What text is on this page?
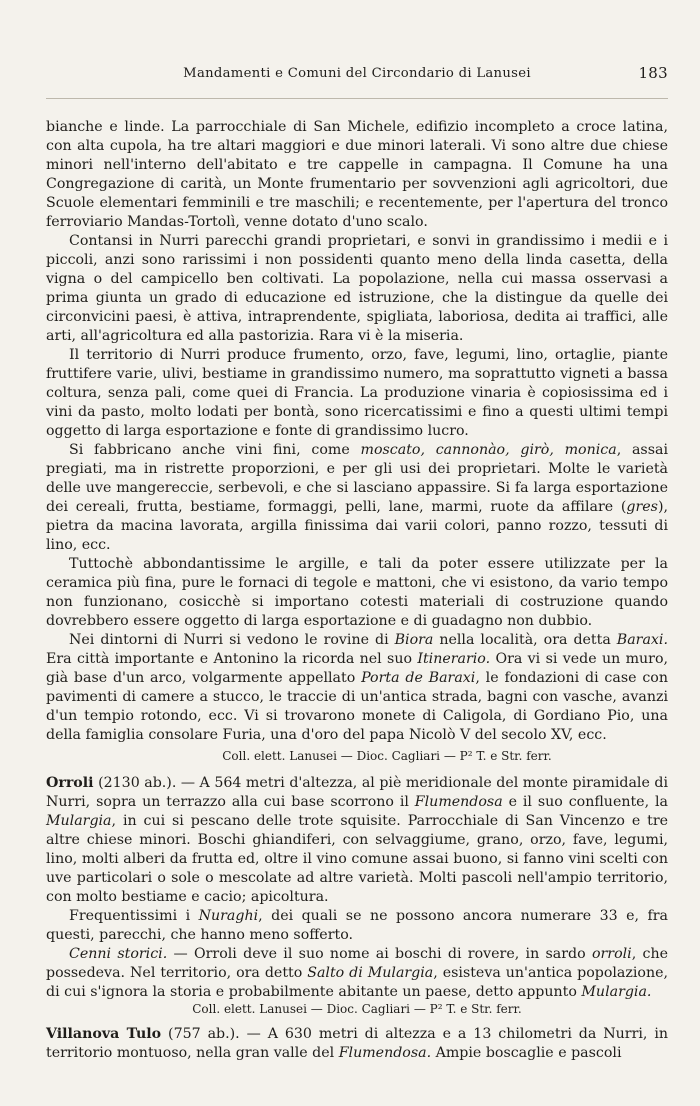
Mandamenti e Comuni del Circondario di Lanusei	183

bianche e linde. La parrocchiale di San Michele, edifizio incompleto a croce latina, con alta cupola, ha tre altari maggiori e due minori laterali. Vi sono altre due chiese minori nell'interno dell'abitato e tre cappelle in campagna. Il Comune ha una Congregazione di carità, un Monte frumentario per sovvenzioni agli agricoltori, due Scuole elementari femminili e tre maschili; e recentemente, per l'apertura del tronco ferroviario Mandas-Tortolì, venne dotato d'uno scalo.

Contansi in Nurri parecchi grandi proprietari, e sonvi in grandissimo i medii e i piccoli, anzi sono rarissimi i non possidenti quanto meno della linda casetta, della vigna o del campicello ben coltivati. La popolazione, nella cui massa osservasi a prima giunta un grado di educazione ed istruzione, che la distingue da quelle dei circonvicini paesi, è attiva, intraprendente, spigliata, laboriosa, dedita ai traffici, alle arti, all'agricoltura ed alla pastorizia. Rara vi è la miseria.

Il territorio di Nurri produce frumento, orzo, fave, legumi, lino, ortaglie, piante fruttifere varie, ulivi, bestiame in grandissimo numero, ma soprattutto vigneti a bassa coltura, senza pali, come quei di Francia. La produzione vinaria è copiosissima ed i vini da pasto, molto lodati per bontà, sono ricercatissimi e fino a questi ultimi tempi oggetto di larga esportazione e fonte di grandissimo lucro.

Si fabbricano anche vini fini, come moscato, cannonào, girò, monica, assai pregiati, ma in ristrette proporzioni, e per gli usi dei proprietari. Molte le varietà delle uve mangereccie, serbevoli, e che si lasciano appassire. Si fa larga esportazione dei cereali, frutta, bestiame, formaggi, pelli, lane, marmi, ruote da affilare (gres), pietra da macina lavorata, argilla finissima dai varii colori, panno rozzo, tessuti di lino, ecc.

Tuttochè abbondantissime le argille, e tali da poter essere utilizzate per la ceramica più fina, pure le fornaci di tegole e mattoni, che vi esistono, da vario tempo non funzionano, cosicchè si importano cotesti materiali di costruzione quando dovrebbero essere oggetto di larga esportazione e di guadagno non dubbio.

Nei dintorni di Nurri si vedono le rovine di Biora nella località, ora detta Baraxi. Era città importante e Antonino la ricorda nel suo Itinerario. Ora vi si vede un muro, già base d'un arco, volgarmente appellato Porta de Baraxi, le fondazioni di case con pavimenti di camere a stucco, le traccie di un'antica strada, bagni con vasche, avanzi d'un tempio rotondo, ecc. Vi si trovarono monete di Caligola, di Gordiano Pio, una della famiglia consolare Furia, una d'oro del papa Nicolò V del secolo XV, ecc.

Coll. elett. Lanusei — Dioc. Cagliari — P² T. e Str. ferr.

Orroli (2130 ab.). — A 564 metri d'altezza, al piè meridionale del monte piramidale di Nurri, sopra un terrazzo alla cui base scorrono il Flumendosa e il suo confluente, la Mulargia, in cui si pescano delle trote squisite. Parrocchiale di San Vincenzo e tre altre chiese minori. Boschi ghiandiferi, con selvaggiume, grano, orzo, fave, legumi, lino, molti alberi da frutta ed, oltre il vino comune assai buono, si fanno vini scelti con uve particolari o sole o mescolate ad altre varietà. Molti pascoli nell'ampio territorio, con molto bestiame e cacio; apicoltura.

Frequentissimi i Nuraghi, dei quali se ne possono ancora numerare 33 e, fra questi, parecchi, che hanno meno sofferto.

Cenni storici. — Orroli deve il suo nome ai boschi di rovere, in sardo orroli, che possedeva. Nel territorio, ora detto Salto di Mulargia, esisteva un'antica popolazione, di cui s'ignora la storia e probabilmente abitante un paese, detto appunto Mulargia.

Coll. elett. Lanusei — Dioc. Cagliari — P² T. e Str. ferr.

Villanova Tulo (757 ab.). — A 630 metri di altezza e a 13 chilometri da Nurri, in territorio montuoso, nella gran valle del Flumendosa. Ampie boscaglie e pascoli
